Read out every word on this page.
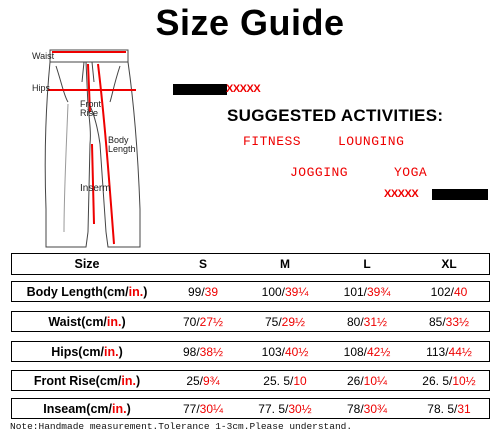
Size Guide
Waist
Hips
Front Rise
Body Length
Inserm
XXXXX
SUGGESTED ACTIVITIES:
FITNESS	LOUNGING
JOGGING	YOGA
XXXXX
Size	S	M	L	XL
Body Length(cm/ in. )	99/ 39	100/ 39¼	101/ 39¾	102/ 40
Waist(cm/ in. )	70/ 27½	75/ 29½	80/ 31½	85/ 33½
Hips(cm/ in. )	98/ 38½	103/ 40½	108/ 42½	113/ 44½
Front Rise(cm/ in. )	25/ 9¾	25. 5/ 10	26/ 10¼	26. 5/ 10½
Inseam(cm/ in. )	77/ 30¼	77. 5/ 30½	78/ 30¾	78. 5/ 31
Note:Handmade measurement.Tolerance 1-3cm.Please understand.
